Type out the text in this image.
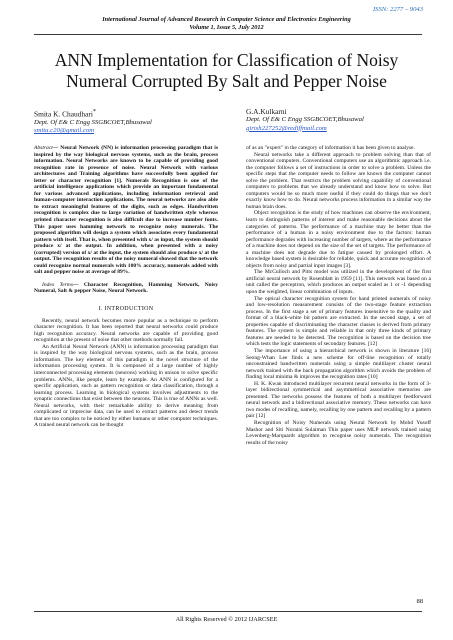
ISSN: 2277 – 9043
International Journal of Advanced Research in Computer Science and Electronics Engineering
Volume 1, Issue 5, July 2012
ANN Implementation for Classification of Noisy Numeral Corrupted By Salt and Pepper Noise
Smita K. Chaudhari*
Dept. Of E& C Engg SSGBCOET,Bhusawal
smita.c20@gmail.com
G.A.Kulkarni
Dept. Of E& C Engg SSGBCOET,Bhusawal
girish227252@rediffmail.com

Abstract— Neural Network (NN) is information processing paradigm that is inspired by the way biological nervous systems, such as the brain, process information. Neural Networks are known to be capable of providing good recognition rate in presence of noise. Neural Network with various architectures and Training algorithms have successfully been applied for letter or character recognition [1]. Numerals Recognition is one of the artificial intelligence applications which provide an important fundamental for various advanced applications, including information retrieval and human-computer interaction applications. The neural networks are also able to extract meaningful features of the digits, such as edges. Handwritten recognition is complex due to large variation of handwritten style whereas printed character recognition is also difficult due to increase number fonts. This paper uses hamming network to recognize noisy numerals. The proposed algorithm will design a system which associates every fundamental pattern with itself. That is, when presented with x/ as input, the system should produce x/ at the output. In addition, when presented with a noisy (corrupted) version of x/ at the input, the system should also produce x/ at the output. The recognition results of the noisy numeral showed that the network could recognize normal numerals with 100% accuracy, numerals added with salt and pepper noise at average of 89%.

Index Terms— Character Recognition, Hamming Network, Noisy Numeral, Salt & pepper Noise, Neural Network.

I. INTRODUCTION

Recently, neural network becomes more popular as a technique to perform character recognition. It has been reported that neural networks could produce high recognition accuracy. Neural networks are capable of providing good recognition at the present of noise that other methods normally fail.

An Artificial Neural Network (ANN) is information processing paradigm that is inspired by the way biological nervous systems, such as the brain, process information. The key element of this paradigm is the novel structure of the information processing system. It is composed of a large number of highly interconnected processing elements (neurons) working in unison to solve specific problems. ANNs, like people, learn by example. An ANN is configured for a specific application, such as pattern recognition or data classification, through a learning process. Learning in biological systems involves adjustments to the synaptic connections that exist between the neurons. This is true of ANNs as well. Neural networks, with their remarkable ability to derive meaning from complicated or imprecise data, can be used to extract patterns and detect trends that are too complex to be noticed by either humans or other computer techniques. A trained neural network can be thought

of as an "expert" in the category of information it has been given to analyse.

Neural networks take a different approach to problem solving than that of conventional computers. Conventional computers use an algorithmic approach i.e. the computer follows a set of instructions in order to solve a problem. Unless the specific steps that the computer needs to follow are known the computer cannot solve the problem. That restricts the problem solving capability of conventional computers to problems that we already understand and know how to solve. But computers would be so much more useful if they could do things that we don't exactly know how to do. Neural networks process information in a similar way the human brain does.

Object recognition is the study of how machines can observe the environment, learn to distinguish patterns of interest and make reasonable decisions about the categories of patterns. The performance of a machine may be better than the performance of a human in a noisy environment due to the factors: human performance degrades with increasing number of targets, where as the performance of a machine does not depend on the size of the set of targets. The performance of a machine does not degrade due to fatigue caused by prolonged effort. A knowledge based system is desirable for reliable, quick and accurate recognition of objects from noisy and partial input images [3].

The McCulloch and Pitts model was utilized in the development of the first artificial neural network by Rosenblatt in 1959 [11]. This network was based on a unit called the perceptron, which produces an output scaled as 1 or -1 depending upon the weighted, linear combination of inputs.

The optical character recognition system for hand printed numerals of noisy and low-resolution measurement consists of the two-stage feature extraction process. In the first stage a set of primary features insensitive to the quality and format of a black-white bit pattern are extracted. In the second stage, a set of properties capable of discriminating the character classes is derived from primary features. The system is simple and reliable in that only three kinds of primary features are needed to be detected. The recognition is based on the decision tree which tests the logic statements of secondary features. [12]

The importance of using a hierarchical network is shown in literature [16] Seong-Whan Lee finds a new scheme for off-line recognition of totally unconstrained handwritten numerals using a simple multilayer cluster neural network trained with the back propagation algorithm which avoids the problem of finding local minima & improves the recognition rates [10]

H. K. Kwan introduced multilayer recurrent neural networks in the form of 3-layer bidirectional symmetrical and asymmetrical associative memories are presented. The networks possess the features of both a multilayer feedforward neural network and a bidirectional associative memory. These networks can have two modes of recalling, namely, recalling by one pattern and recalling by a pattern pair [12]

Recognition of Noisy Numerals using Neural Network by Mohd Yusoff Mashor and Siti Noraini Sulaiman This paper uses MLP network trained using Levenberg-Marquardt algorithm to recognise noisy numerals. The recognition results of the noisy

88
All Rights Reserved © 2012 IJARCSEE
